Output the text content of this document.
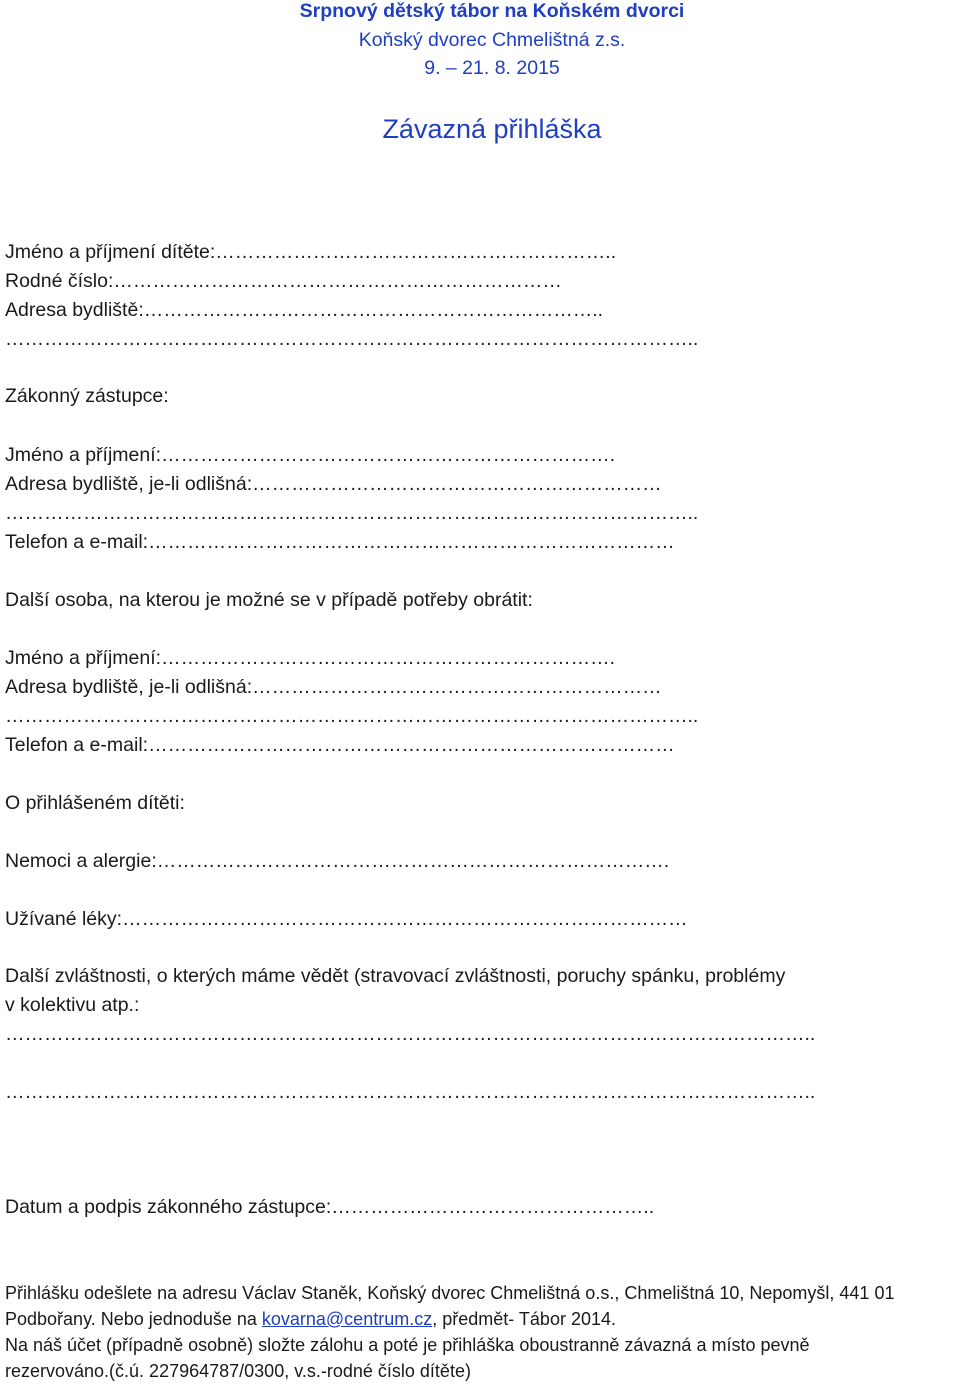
Srpnový dětský tábor na Koňském dvorci
Koňský dvorec Chmelištná z.s.
9. – 21. 8. 2015
Závazná přihláška
Jméno a příjmení dítěte:……………………………………………………..
Rodné číslo:……………………………………………………………
Adresa bydliště:……………………………………………………………..
……………………………………………………………………………………………..
Zákonný zástupce:
Jméno a příjmení:…………………………………………………………….
Adresa bydliště, je-li odlišná:………………………………………………………
……………………………………………………………………………………………..
Telefon a e-mail:………………………………………………………………………
Další osoba, na kterou je možné se v případě potřeby obrátit:
Jméno a příjmení:…………………………………………………………….
Adresa bydliště, je-li odlišná:………………………………………………………
……………………………………………………………………………………………..
Telefon a e-mail:………………………………………………………………………
O přihlášeném dítěti:
Nemoci a alergie:…………………………………………………………………….
Užívané léky:……………………………………………………………………………
Další zvláštnosti, o kterých máme vědět (stravovací zvláštnosti, poruchy spánku, problémy
v kolektivu atp.:
……………………………………………………………………………………………………………..
……………………………………………………………………………………………………………..
Datum a podpis zákonného zástupce:…………………………………………..
Přihlášku odešlete na adresu Václav Staněk, Koňský dvorec Chmelištná o.s., Chmelištná 10, Nepomyšl, 441 01
Podbořany. Nebo jednoduše na kovarna@centrum.cz, předmět- Tábor 2014.
Na náš účet (případně osobně) složte zálohu a poté je přihláška oboustranně závazná a místo pevně
rezervováno.(č.ú. 227964787/0300, v.s.-rodné číslo dítěte)
